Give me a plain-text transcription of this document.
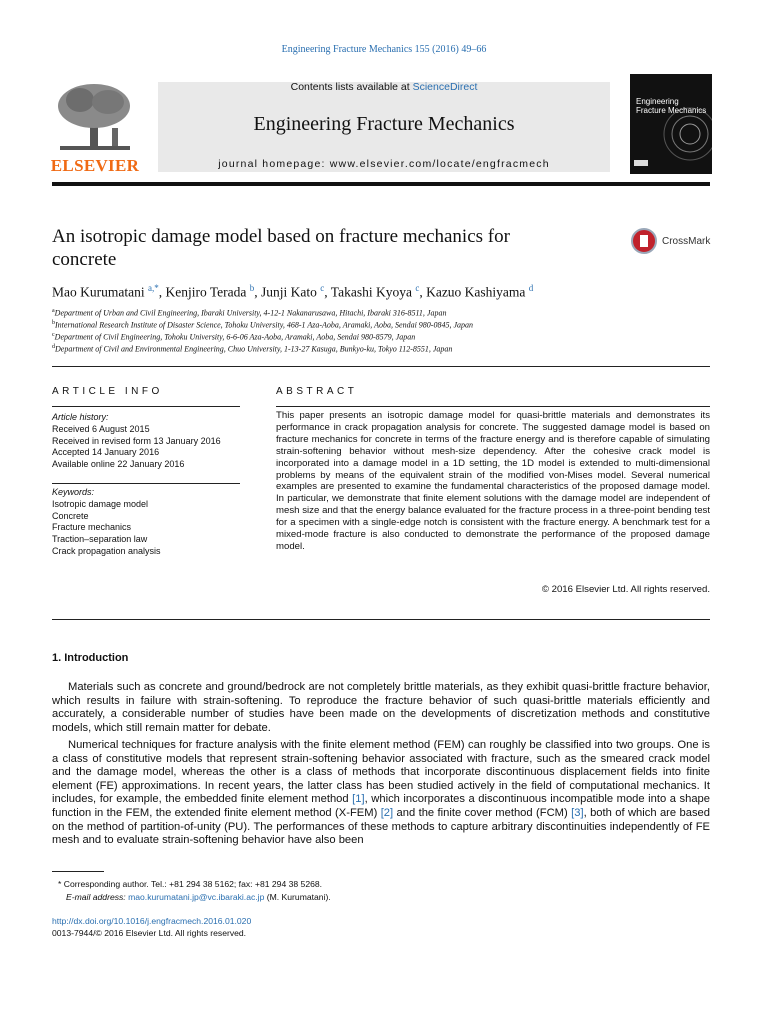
Engineering Fracture Mechanics 155 (2016) 49–66
ELSEVIER
Contents lists available at ScienceDirect
Engineering Fracture Mechanics
journal homepage: www.elsevier.com/locate/engfracmech
Engineering
Fracture Mechanics
An isotropic damage model based on fracture mechanics for
concrete
CrossMark
Mao Kurumatani $^{a,*}$, Kenjiro Terada $^b$, Junji Kato $^c$, Takashi Kyoya $^c$, Kazuo Kashiyama $^d$
$^a$Department of Urban and Civil Engineering, Ibaraki University, 4-12-1 Nakanarusawa, Hitachi, Ibaraki 316-8511, Japan
$^b$International Research Institute of Disaster Science, Tohoku University, 468-1 Aza-Aoba, Aramaki, Aoba, Sendai 980-0845, Japan
$^c$Department of Civil Engineering, Tohoku University, 6-6-06 Aza-Aoba, Aramaki, Aoba, Sendai 980-8579, Japan
$^d$Department of Civil and Environmental Engineering, Chuo University, 1-13-27 Kasuga, Bunkyo-ku, Tokyo 112-8551, Japan
ARTICLE INFO
Article history:
Received 6 August 2015
Received in revised form 13 January 2016
Accepted 14 January 2016
Available online 22 January 2016
Keywords:
Isotropic damage model
Concrete
Fracture mechanics
Traction–separation law
Crack propagation analysis
ABSTRACT
This paper presents an isotropic damage model for quasi-brittle materials and demonstrates its performance in crack propagation analysis for concrete. The suggested damage model is based on fracture mechanics for concrete in terms of the fracture energy and is therefore capable of simulating strain-softening behavior without mesh-size dependency. After the cohesive crack model is incorporated into a damage model in a 1D setting, the 1D model is extended to multi-dimensional problems by means of the equivalent strain of the modified von-Mises model. Several numerical examples are presented to examine the fundamental characteristics of the proposed damage model. In particular, we demonstrate that finite element solutions with the damage model are independent of mesh size and that the energy balance evaluated for the fracture process in a three-point bending test for a specimen with a single-edge notch is consistent with the fracture energy. A benchmark test for a mixed-mode fracture is also conducted to demonstrate the performance of the proposed damage model.
© 2016 Elsevier Ltd. All rights reserved.
1. Introduction
Materials such as concrete and ground/bedrock are not completely brittle materials, as they exhibit quasi-brittle fracture behavior, which results in failure with strain-softening. To reproduce the fracture behavior of such quasi-brittle materials efficiently and accurately, a considerable number of studies have been made on the developments of discretization methods and constitutive models, which still remain matter for debate.
Numerical techniques for fracture analysis with the finite element method (FEM) can roughly be classified into two groups. One is a class of constitutive models that represent strain-softening behavior associated with fracture, such as the smeared crack model and the damage model, whereas the other is a class of methods that incorporate discontinuous displacement fields into finite element (FE) approximations. In recent years, the latter class has been studied actively in the field of computational mechanics. It includes, for example, the embedded finite element method [1], which incorporates a discontinuous incompatible mode into a shape function in the FEM, the extended finite element method (X-FEM) [2] and the finite cover method (FCM) [3], both of which are based on the method of partition-of-unity (PU). The performances of these methods to capture arbitrary discontinuities independently of FE mesh and to evaluate strain-softening behavior have also been
* Corresponding author. Tel.: +81 294 38 5162; fax: +81 294 38 5268.
E-mail address: mao.kurumatani.jp@vc.ibaraki.ac.jp (M. Kurumatani).
http://dx.doi.org/10.1016/j.engfracmech.2016.01.020
0013-7944/© 2016 Elsevier Ltd. All rights reserved.
